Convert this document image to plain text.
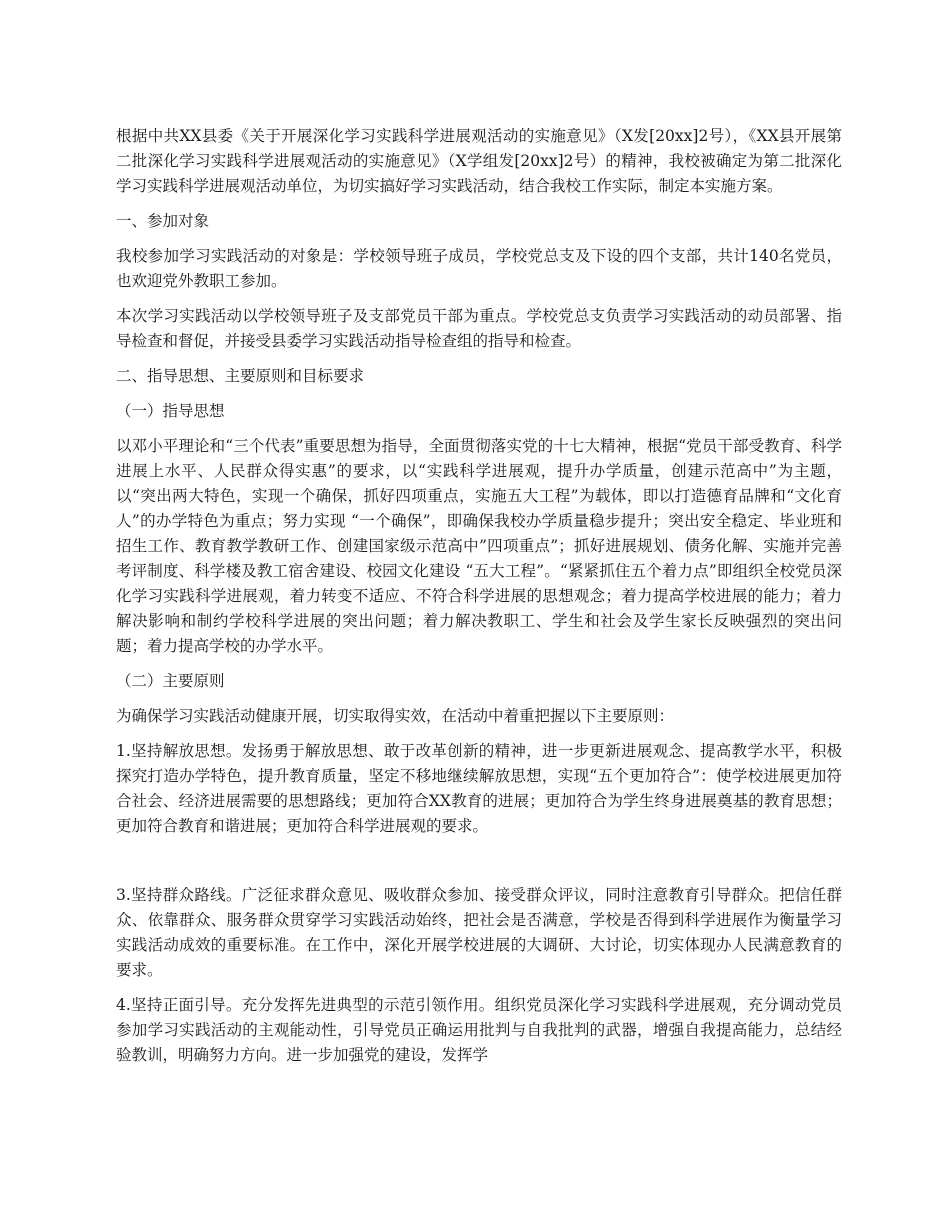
根据中共XX县委《关于开展深化学习实践科学进展观活动的实施意见》（X发[20xx]2号），《XX县开展第二批深化学习实践科学进展观活动的实施意见》（X学组发[20xx]2号）的精神，我校被确定为第二批深化学习实践科学进展观活动单位，为切实搞好学习实践活动，结合我校工作实际，制定本实施方案。

一、参加对象

我校参加学习实践活动的对象是：学校领导班子成员，学校党总支及下设的四个支部，共计140名党员，也欢迎党外教职工参加。

本次学习实践活动以学校领导班子及支部党员干部为重点。学校党总支负责学习实践活动的动员部署、指导检查和督促，并接受县委学习实践活动指导检查组的指导和检查。

二、指导思想、主要原则和目标要求

（一）指导思想

以邓小平理论和“三个代表”重要思想为指导，全面贯彻落实党的十七大精神，根据“党员干部受教育、科学进展上水平、人民群众得实惠”的要求，以“实践科学进展观，提升办学质量，创建示范高中”为主题，以“突出两大特色，实现一个确保，抓好四项重点，实施五大工程”为载体，即以打造德育品牌和“文化育人”的办学特色为重点；努力实现 “一个确保”，即确保我校办学质量稳步提升；突出安全稳定、毕业班和招生工作、教育教学教研工作、创建国家级示范高中”四项重点”；抓好进展规划、债务化解、实施并完善考评制度、科学楼及教工宿舍建设、校园文化建设 “五大工程”。“紧紧抓住五个着力点”即组织全校党员深化学习实践科学进展观，着力转变不适应、不符合科学进展的思想观念；着力提高学校进展的能力；着力解决影响和制约学校科学进展的突出问题；着力解决教职工、学生和社会及学生家长反映强烈的突出问题；着力提高学校的办学水平。

（二）主要原则

为确保学习实践活动健康开展，切实取得实效，在活动中着重把握以下主要原则：

1.坚持解放思想。发扬勇于解放思想、敢于改革创新的精神，进一步更新进展观念、提高教学水平，积极探究打造办学特色，提升教育质量，坚定不移地继续解放思想，实现“五个更加符合”：使学校进展更加符合社会、经济进展需要的思想路线；更加符合XX教育的进展；更加符合为学生终身进展奠基的教育思想；更加符合教育和谐进展；更加符合科学进展观的要求。

3.坚持群众路线。广泛征求群众意见、吸收群众参加、接受群众评议，同时注意教育引导群众。把信任群众、依靠群众、服务群众贯穿学习实践活动始终，把社会是否满意，学校是否得到科学进展作为衡量学习实践活动成效的重要标准。在工作中，深化开展学校进展的大调研、大讨论，切实体现办人民满意教育的要求。

4.坚持正面引导。充分发挥先进典型的示范引领作用。组织党员深化学习实践科学进展观，充分调动党员参加学习实践活动的主观能动性，引导党员正确运用批判与自我批判的武器，增强自我提高能力，总结经验教训，明确努力方向。进一步加强党的建设，发挥学
